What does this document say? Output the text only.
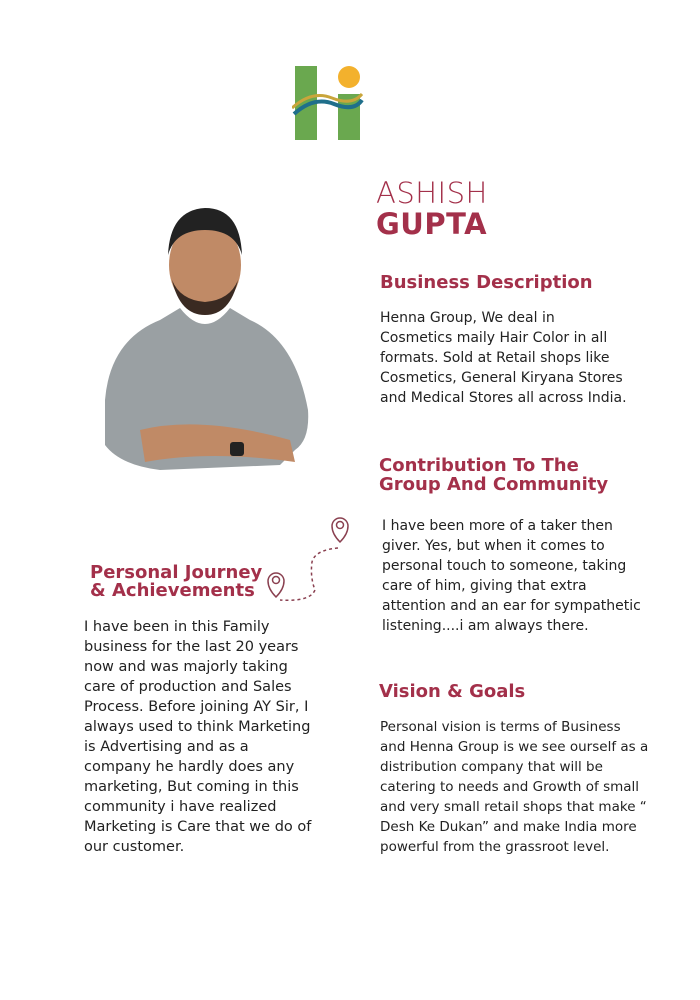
ASHISH
GUPTA
Business Description
Henna Group, We deal in Cosmetics maily Hair Color in all formats. Sold at Retail shops like Cosmetics, General Kiryana Stores and Medical Stores all across India.
Contribution To The
Group And Community
I have been more of a taker then giver. Yes, but when it comes to personal touch to someone, taking care of him, giving that extra attention and an ear for sympathetic listening....i am always there.
Personal Journey
& Achievements
I have been in this Family business for the last 20 years now and was majorly taking care of production and Sales Process. Before joining AY Sir, I always used to think Marketing is Advertising and as a company he hardly does any marketing, But coming in this community i have realized Marketing is Care that we do of our customer.
Vision & Goals
Personal vision is terms of Business and Henna Group is we see ourself as a distribution company that will be catering to needs and Growth of small and very small retail shops that make “ Desh Ke Dukan” and make India more powerful from the grassroot level.
